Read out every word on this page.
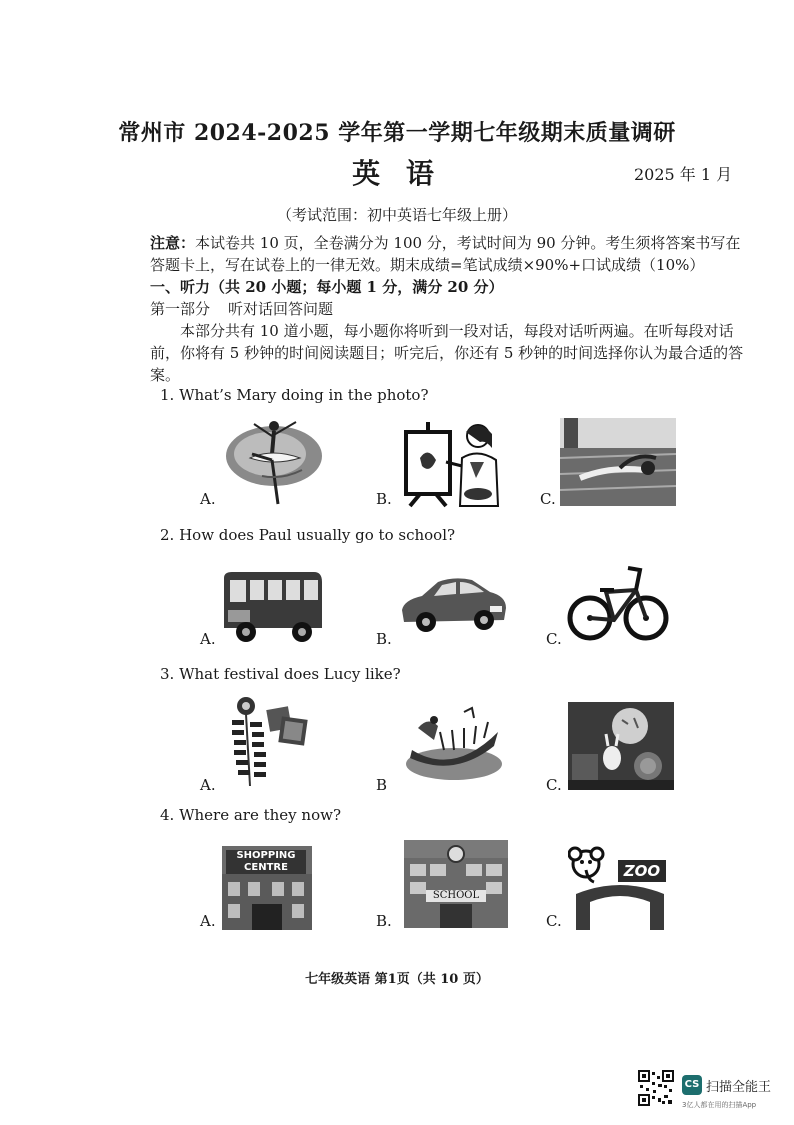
常州市 2024-2025 学年第一学期七年级期末质量调研
英 语	2025 年 1 月
（考试范围：初中英语七年级上册）
注意：本试卷共 10 页，全卷满分为 100 分，考试时间为 90 分钟。考生须将答案书写在答题卡上，写在试卷上的一律无效。期末成绩=笔试成绩×90%+口试成绩（10%）
一、听力（共 20 小题；每小题 1 分，满分 20 分）
第一部分 听对话回答问题
本部分共有 10 道小题，每小题你将听到一段对话，每段对话听两遍。在听每段对话前，你将有 5 秒钟的时间阅读题目；听完后，你还有 5 秒钟的时间选择你认为最合适的答案。
1. What’s Mary doing in the photo?
A.	B.	C.
2. How does Paul usually go to school?
A.	B.	C.
3. What festival does Lucy like?
A.	B	C.
4. Where are they now?
A.
SHOPPING CENTRE
B.
SCHOOL
C.
ZOO
七年级英语 第1页（共 10 页）
CS 扫描全能王
3亿人都在用的扫描App
